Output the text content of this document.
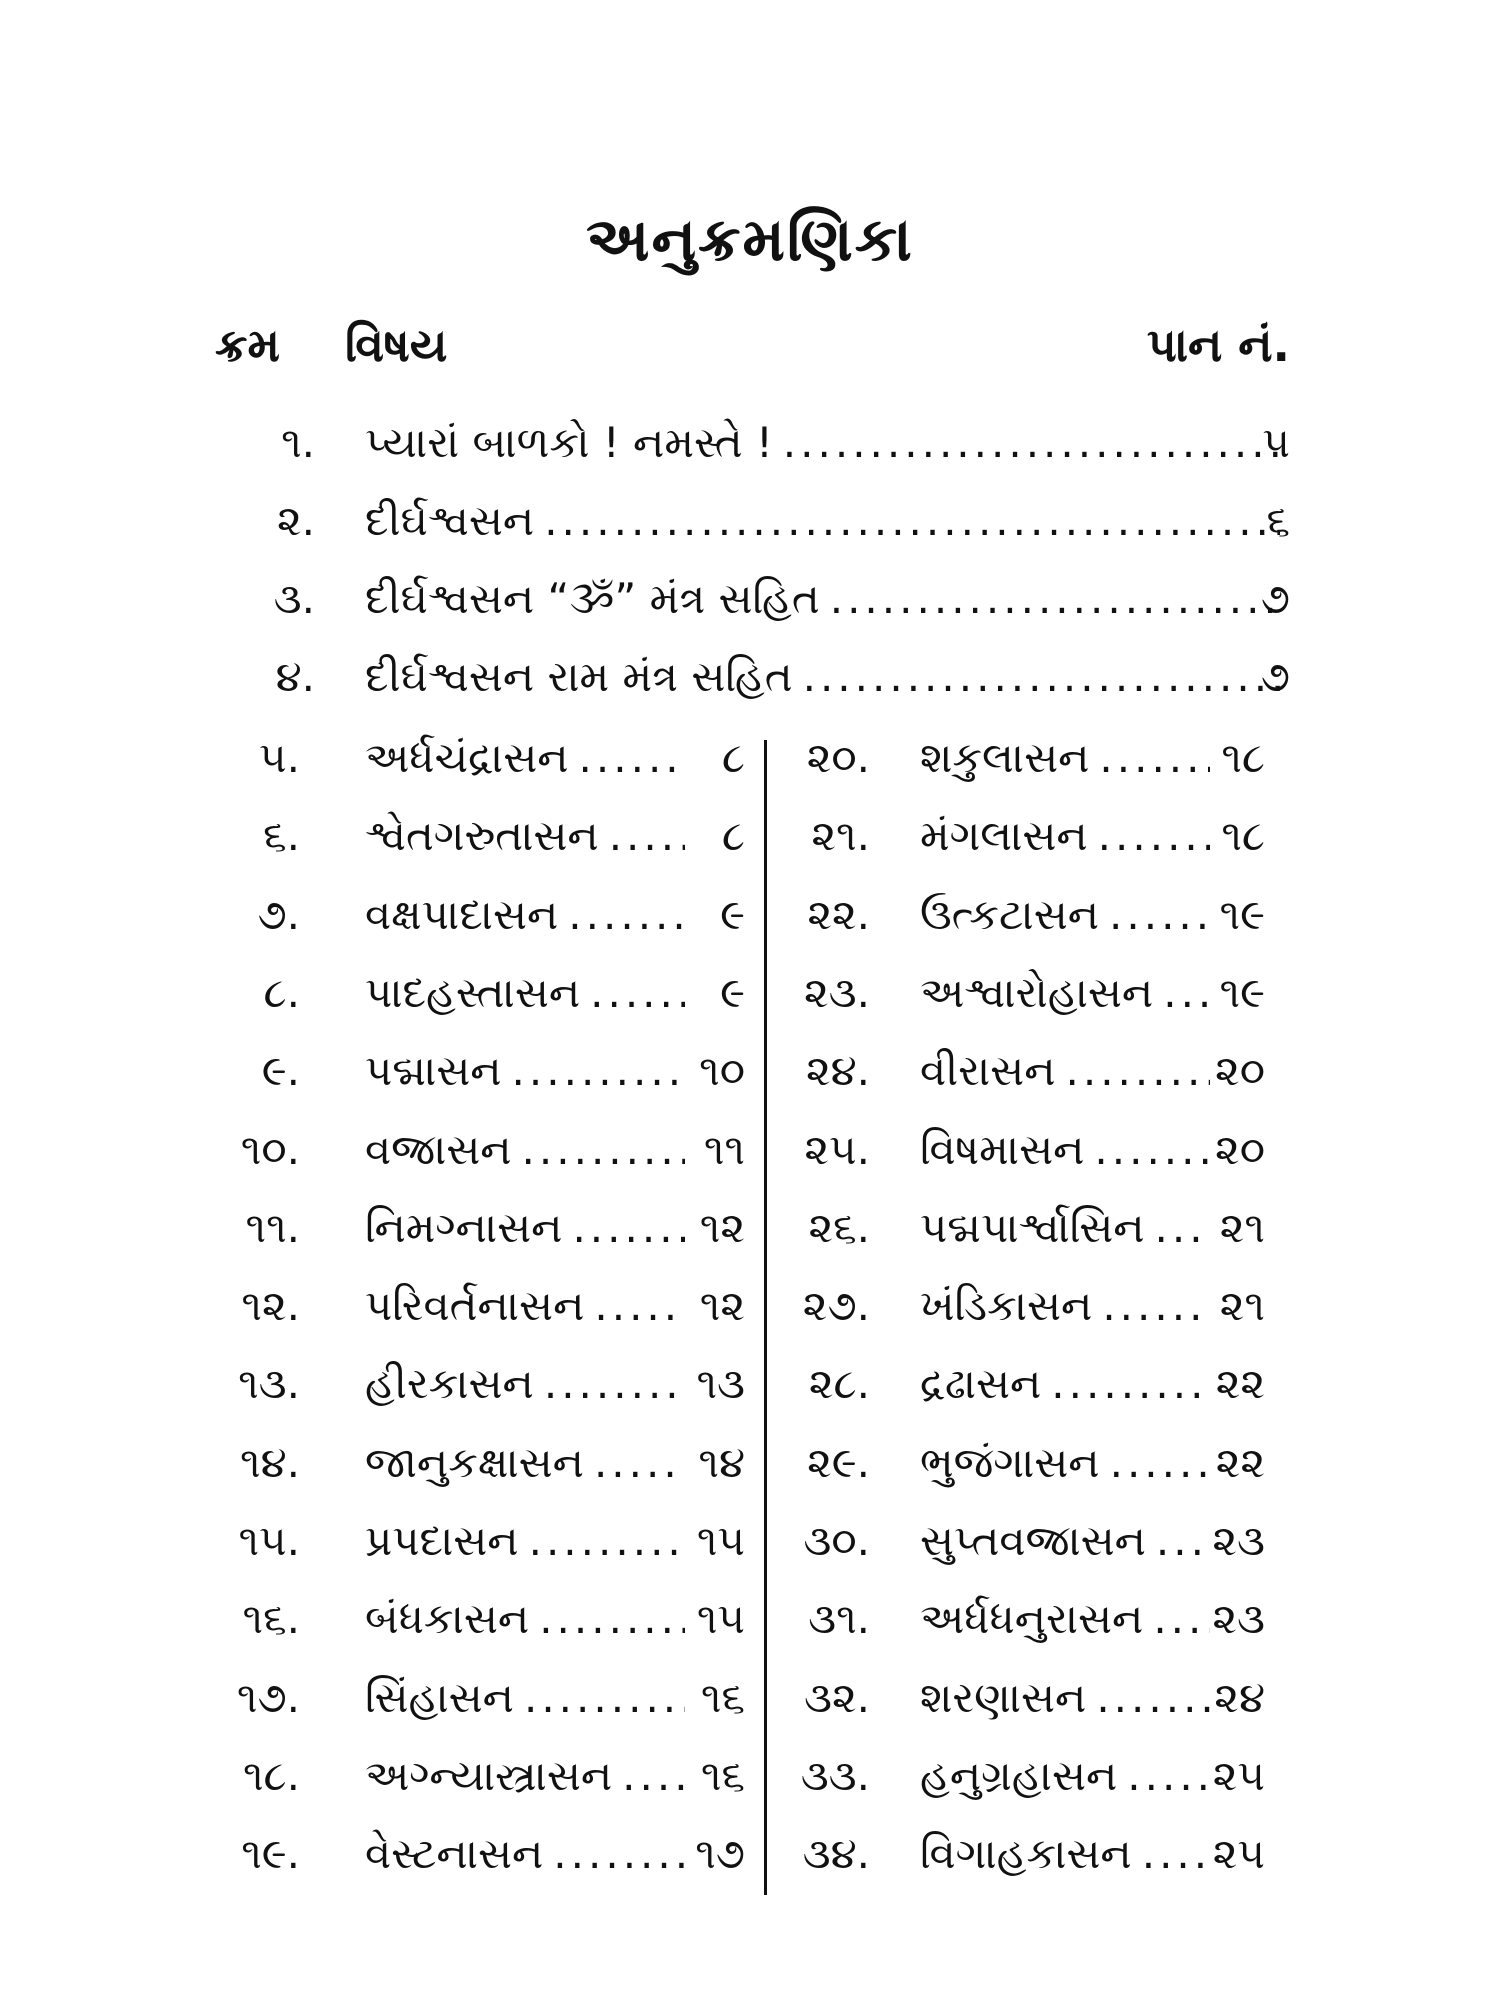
અનુક્રમણિકા
ક્રમ વિષય	પાન નં.
૧. પ્યારાં બાળકો ! નમસ્તે ! .....	૫
૨. દીર્ઘશ્વસન .....	૬
૩. દીર્ઘશ્વસન “ૐ” મંત્ર સહિત .....	૭
૪. દીર્ઘશ્વસન રામ મંત્ર સહિત .....	૭
૫. અર્ધચંદ્રાસન .....	૮
૬. શ્વેતગરુતાસન .....	૮
૭. વક્ષપાદાસન .....	૯
૮. પાદહસ્તાસન .....	૯
૯. પદ્માસન .....	૧૦
૧૦. વજ્રાસન .....	૧૧
૧૧. નિમગ્નાસન .....	૧૨
૧૨. પરિવર્તનાસન .....	૧૨
૧૩. હીરકાસન .....	૧૩
૧૪. જાનુકક્ષાસન .....	૧૪
૧૫. પ્રપદાસન .....	૧૫
૧૬. બંધકાસન .....	૧૫
૧૭. સિંહાસન .....	૧૬
૧૮. અગ્ન્યાસ્ત્રાસન .....	૧૬
૧૯. વેસ્ટનાસન .....	૧૭
૨૦. શકુલાસન .....	૧૮
૨૧. મંગલાસન .....	૧૮
૨૨. ઉત્કટાસન .....	૧૯
૨૩. અશ્વારોહાસન .....	૧૯
૨૪. વીરાસન .....	૨૦
૨૫. વિષમાસન .....	૨૦
૨૬. પદ્મપાર્શ્વાસિન .....	૨૧
૨૭. ખંડિકાસન .....	૨૧
૨૮. દ્રઢાસન .....	૨૨
૨૯. ભુજંગાસન .....	૨૨
૩૦. સુપ્તવજ્રાસન .....	૨૩
૩૧. અર્ધધનુરાસન .....	૨૩
૩૨. શરણાસન .....	૨૪
૩૩. હનુગ્રહાસન .....	૨૫
૩૪. વિગાહકાસન .....	૨૫
